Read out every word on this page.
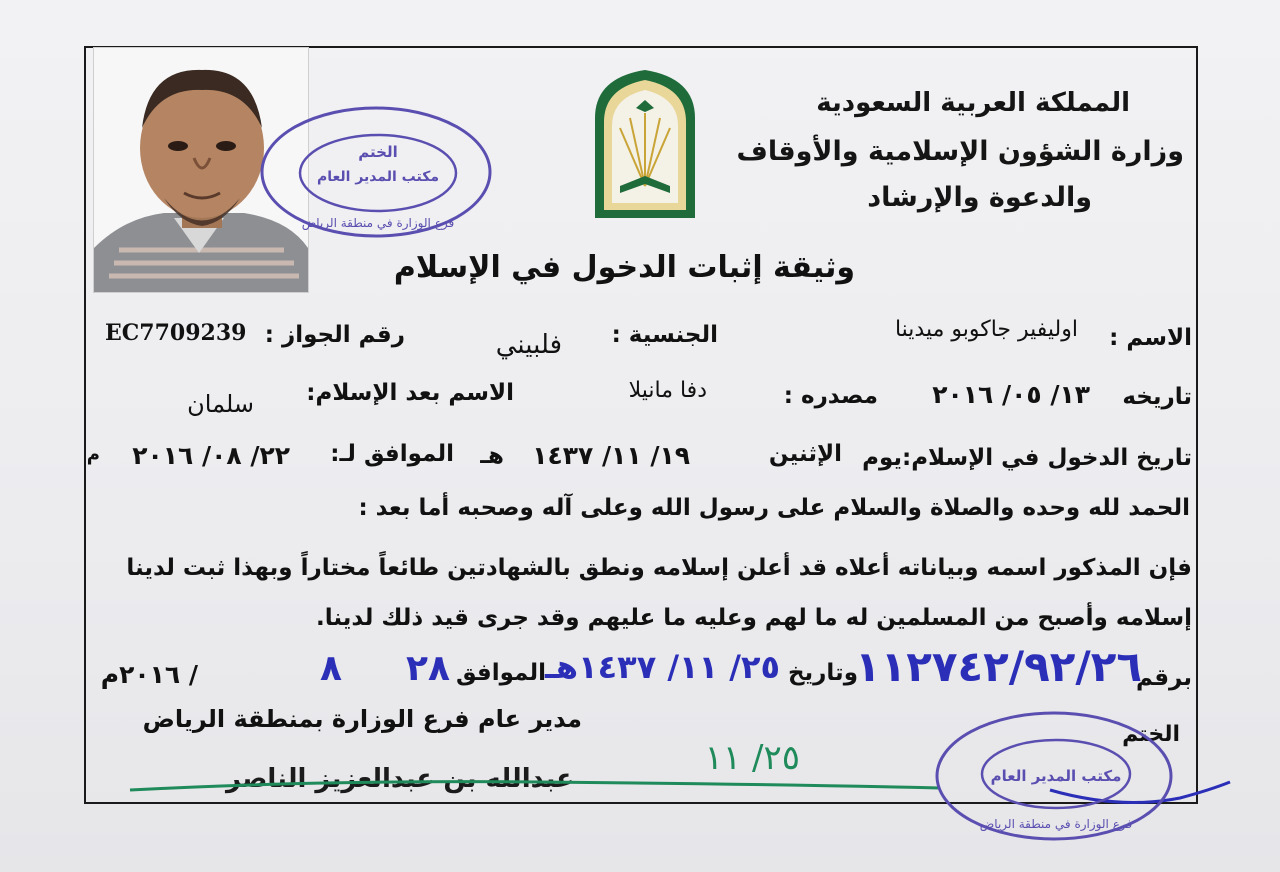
الختم
مكتب المدير العام
فرع الوزارة في منطقة الرياض
المملكة العربية السعودية
وزارة الشؤون الإسلامية والأوقاف
والدعوة والإرشاد
وثيقة إثبات الدخول في الإسلام
الاسم :
اوليفير جاكوبو ميدينا
الجنسية :
فلبيني
رقم الجواز :
EC7709239
تاريخه
١٣/ ٠٥/ ٢٠١٦
مصدره :
دفا مانيلا
الاسم بعد الإسلام:
سلمان
تاريخ الدخول في الإسلام:يوم
الإثنين
١٩/ ١١/ ١٤٣٧
هـ
الموافق لـ:
٢٢/ ٠٨/ ٢٠١٦
م
الحمد لله وحده والصلاة والسلام على رسول الله وعلى آله وصحبه أما بعد :
فإن المذكور اسمه وبياناته أعلاه قد أعلن إسلامه ونطق بالشهادتين طائعاً مختاراً وبهذا ثبت لدينا
إسلامه وأصبح من المسلمين له ما لهم وعليه ما عليهم وقد جرى قيد ذلك لدينا.
برقم
١١٢٧٤٢/٩٢/٢٦
وتاريخ
٢٥/ ١١/ ١٤٣٧هـ
الموافق
٢٨
٨
/ ٢٠١٦م
مدير عام فرع الوزارة بمنطقة الرياض
الختم
٢٥/ ١١
عبدالله بن عبدالعزيز الناصر	مكتب المدير العام
فرع الوزارة في منطقة الرياض
